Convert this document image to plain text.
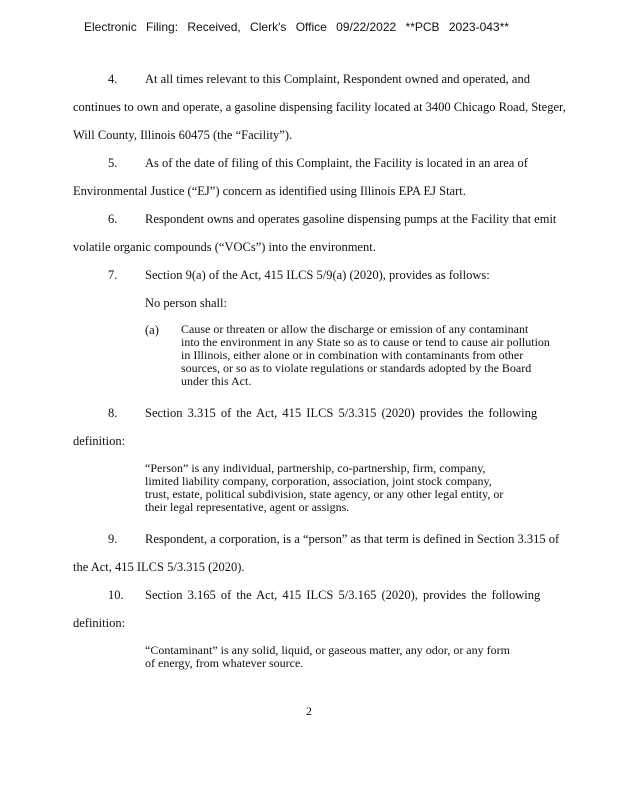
Electronic Filing: Received, Clerk's Office 09/22/2022 **PCB 2023-043**
4. At all times relevant to this Complaint, Respondent owned and operated, and
continues to own and operate, a gasoline dispensing facility located at 3400 Chicago Road, Steger,
Will County, Illinois 60475 (the “Facility”).
5. As of the date of filing of this Complaint, the Facility is located in an area of
Environmental Justice (“EJ”) concern as identified using Illinois EPA EJ Start.
6. Respondent owns and operates gasoline dispensing pumps at the Facility that emit
volatile organic compounds (“VOCs”) into the environment.
7. Section 9(a) of the Act, 415 ILCS 5/9(a) (2020), provides as follows:
No person shall:
(a) Cause or threaten or allow the discharge or emission of any contaminant
into the environment in any State so as to cause or tend to cause air pollution
in Illinois, either alone or in combination with contaminants from other
sources, or so as to violate regulations or standards adopted by the Board
under this Act.
8. Section 3.315 of the Act, 415 ILCS 5/3.315 (2020) provides the following
definition:
“Person” is any individual, partnership, co-partnership, firm, company,
limited liability company, corporation, association, joint stock company,
trust, estate, political subdivision, state agency, or any other legal entity, or
their legal representative, agent or assigns.
9. Respondent, a corporation, is a “person” as that term is defined in Section 3.315 of
the Act, 415 ILCS 5/3.315 (2020).
10. Section 3.165 of the Act, 415 ILCS 5/3.165 (2020), provides the following
definition:
“Contaminant” is any solid, liquid, or gaseous matter, any odor, or any form
of energy, from whatever source.
2
